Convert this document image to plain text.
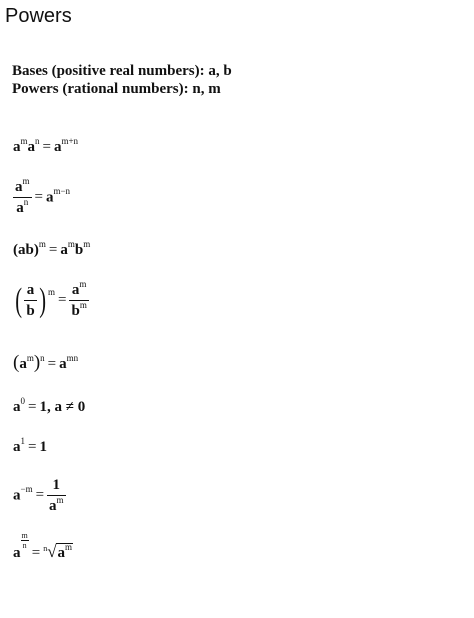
Powers
Bases (positive real numbers): a, b
Powers (rational numbers): n, m
$a^ma^n = a^{m+n}$
$\frac{a^m}{a^n} = a^{m-n}$
$(ab)^m = a^mb^m$
( $\frac{a}{b}$ ) $^m = \frac{a^m}{b^m}$
$(a^m)^n = a^{mn}$
$a^0 = 1$, a ≠ 0
$a^1 = 1$
$a^{-m} = \frac{1}{a^m}$
a
$\frac{m}{n}$
= $^n√a^m$
